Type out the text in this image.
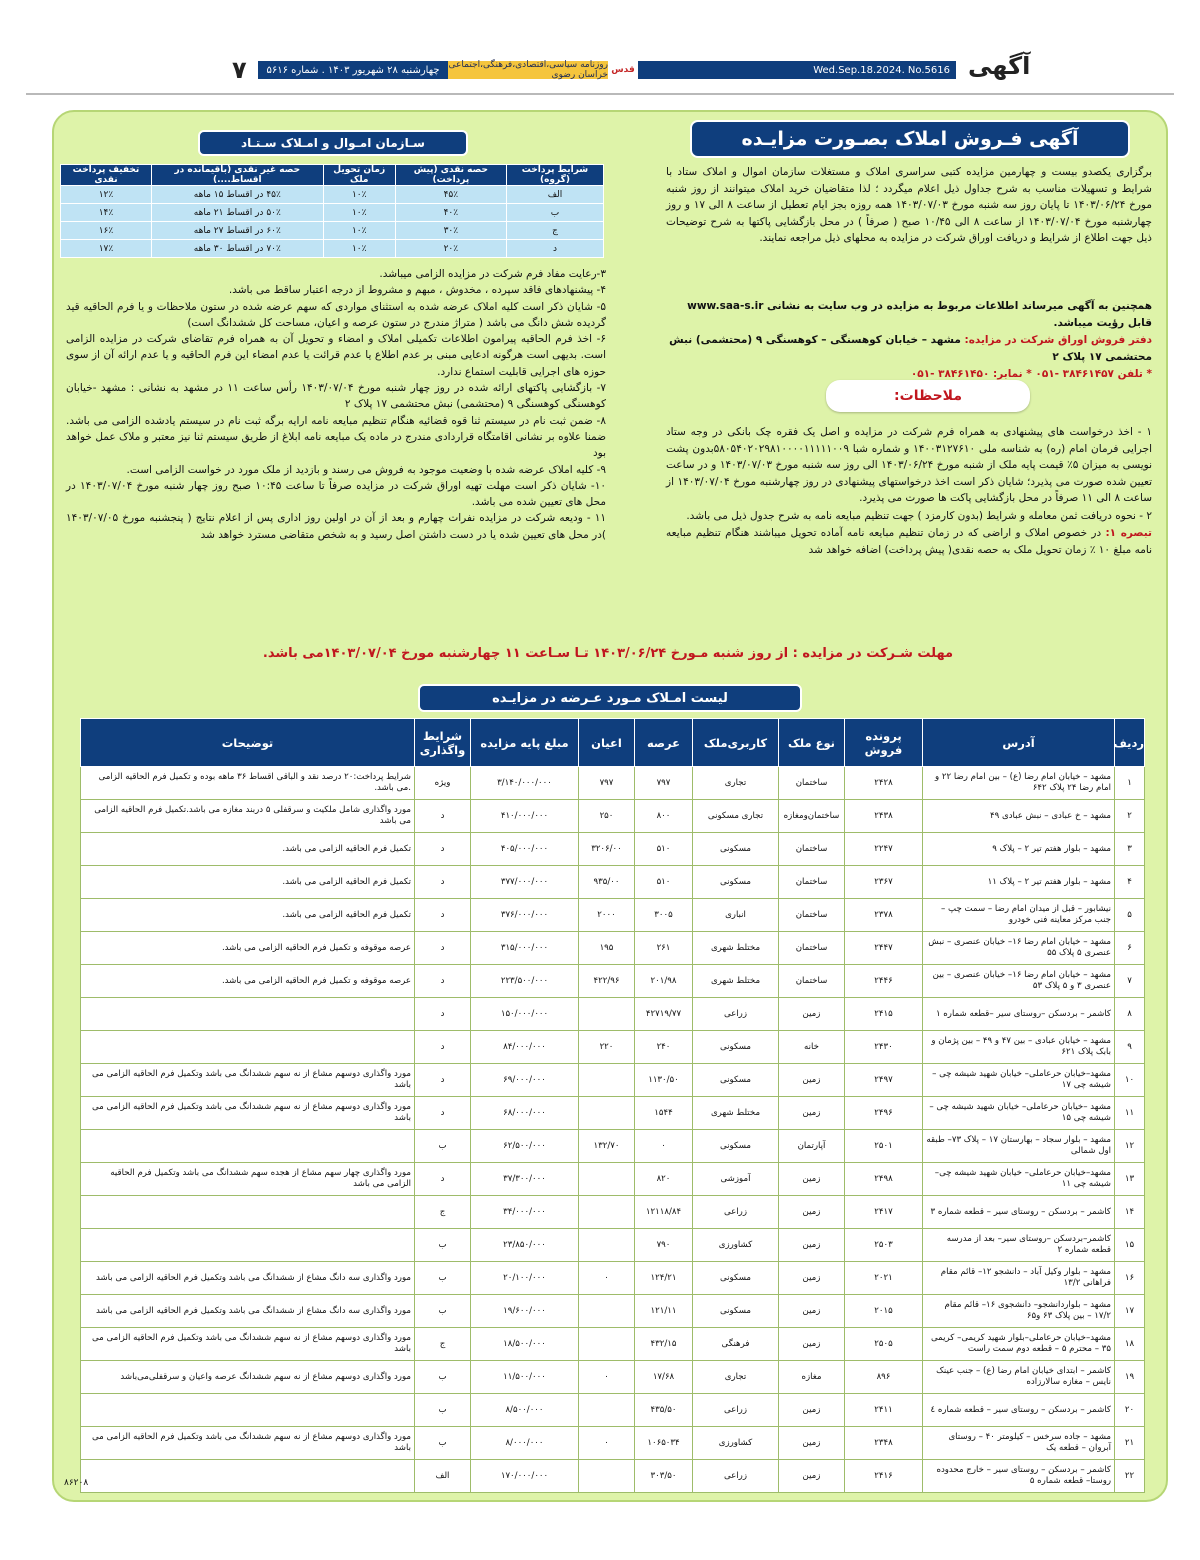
۷	چهارشنبه ۲۸ شهریور ۱۴۰۳ . شماره ۵۶۱۶	روزنامه سیاسی،اقتصادی،فرهنگی،اجتماعی خراسان رضوی قدس	Wed.Sep.18.2024. No.5616 آگهی
آگهی فـروش املاک بصـورت مزایـده
برگزاری یکصدو بیست و چهارمین مزایده کتبی سراسری املاک و مستغلات سازمان اموال و املاک ستاد با شرایط و تسهیلات مناسب به شرح جداول ذیل اعلام میگردد ؛ لذا متقاضیان خرید املاک میتوانند از روز شنبه مورخ ۱۴۰۳/۰۶/۲۴ تا پایان روز سه شنبه مورخ ۱۴۰۳/۰۷/۰۳ همه روزه بجز ایام تعطیل از ساعت ۸ الی ۱۷ و روز چهارشنبه مورخ ۱۴۰۳/۰۷/۰۴ از ساعت ۸ الی ۱۰/۴۵ صبح ( صرفاً ) در محل بازگشایی پاکتها به شرح توضیحات ذیل جهت اطلاع از شرایط و دریافت اوراق شرکت در مزایده به محلهای ذیل مراجعه نمایند.
همچنین به آگهی میرساند اطلاعات مربوط به مزایده در وب سایت به نشانی www.saa-s.ir قابل رؤیت میباشد.
دفتر فروش اوراق شرکت در مزایده: مشهد – خیابان کوهسنگی – کوهسنگی ۹ (محتشمی) نبش محتشمی ۱۷ پلاک ۲
* تلفن ۳۸۴۶۱۴۵۷ -۰۵۱ * نمابر: ۳۸۴۶۱۴۵۰ -۰۵۱
ملاحظات:

۱ - اخذ درخواست های پیشنهادی به همراه فرم شرکت در مزایده و اصل یک فقره چک بانکی در وجه ستاد اجرایی فرمان امام (ره) به شناسه ملی ۱۴۰۰۳۱۲۷۶۱۰ و شماره شبا ۵۸۰۵۴۰۲۰۲۹۸۱۰۰۰۰۱۱۱۱۱۰۰۹بدون پشت نویسی به میزان ۵٪ قیمت پایه ملک از شنبه مورخ ۱۴۰۳/۰۶/۲۴ الی روز سه شنبه مورخ ۱۴۰۳/۰۷/۰۳ و در ساعت تعیین شده صورت می پذیرد؛ شایان ذکر است اخذ درخواستهای پیشنهادی در روز چهارشنبه مورخ ۱۴۰۳/۰۷/۰۴ از ساعت ۸ الی ۱۱ صرفاً در محل بازگشایی پاکت ها صورت می پذیرد.

۲ - نحوه دریافت ثمن معامله و شرایط (بدون کارمزد ) جهت تنظیم مبایعه نامه به شرح جدول ذیل می باشد.

تبصره ۱: در خصوص املاک و اراضی که در زمان تنظیم مبایعه نامه آماده تحویل میباشند هنگام تنظیم مبایعه نامه مبلغ ۱۰ ٪ زمان تحویل ملک به حصه نقدی( پیش پرداخت) اضافه خواهد شد

سـازمان امـوال و امـلاک سـتـاد
شرایط پرداخت (گروه)	حصه نقدی (پیش پرداخت)	زمان تحویل ملک	حصه غیر نقدی (باقیمانده در اقساط....)	تخفیف پرداخت نقدی
الف	۴۵٪	۱۰٪	۴۵٪ در اقساط ۱۵ ماهه	۱۲٪
ب	۴۰٪	۱۰٪	۵۰٪ در اقساط ۲۱ ماهه	۱۴٪
ج	۳۰٪	۱۰٪	۶۰٪ در اقساط ۲۷ ماهه	۱۶٪
د	۲۰٪	۱۰٪	۷۰٪ در اقساط ۳۰ ماهه	۱۷٪

۳-رعایت مفاد فرم شرکت در مزایده الزامی میباشد.

۴- پیشنهادهای فاقد سپرده ، مخدوش ، مبهم و مشروط از درجه اعتبار ساقط می باشد.

۵- شایان ذکر است کلیه املاک عرضه شده به استثنای مواردی که سهم عرضه شده در ستون ملاحظات و یا فرم الحاقیه قید گردیده شش دانگ می باشد ( متراژ مندرج در ستون عرصه و اعیان، مساحت کل ششدانگ است)

۶- اخذ فرم الحاقیه پیرامون اطلاعات تکمیلی املاک و امضاء و تحویل آن به همراه فرم تقاضای شرکت در مزایده الزامی است. بدیهی است هرگونه ادعایی مبنی بر عدم اطلاع یا عدم قرائت یا عدم امضاء این فرم الحاقیه و یا عدم ارائه آن از سوی حوزه های اجرایی قابلیت استماع ندارد.

۷- بازگشایی پاکتهای ارائه شده در روز چهار شنبه مورخ ۱۴۰۳/۰۷/۰۴ رأس ساعت ۱۱ در مشهد به نشانی : مشهد -خیابان کوهسنگی کوهسنگی ۹ (محتشمی) نبش محتشمی ۱۷ پلاک ۲

۸- ضمن ثبت نام در سیستم ثنا قوه قضائیه هنگام تنظیم مبایعه نامه ارایه برگه ثبت نام در سیستم یادشده الزامی می باشد. ضمنا علاوه بر نشانی اقامتگاه قراردادی مندرج در ماده یک مبایعه نامه ابلاغ از طریق سیستم ثنا نیز معتبر و ملاک عمل خواهد بود

۹- کلیه املاک عرضه شده با وضعیت موجود به فروش می رسند و بازدید از ملک مورد در خواست الزامی است.

۱۰- شایان ذکر است مهلت تهیه اوراق شرکت در مزایده صرفاً تا ساعت ۱۰:۴۵ صبح روز چهار شنبه مورخ ۱۴۰۳/۰۷/۰۴ در محل های تعیین شده می باشد.

۱۱ - ودیعه شرکت در مزایده نفرات چهارم و بعد از آن در اولین روز اداری پس از اعلام نتایج ( پنجشنبه مورخ ۱۴۰۳/۰۷/۰۵ )در محل های تعیین شده یا در دست داشتن اصل رسید و به شخص متقاضی مسترد خواهد شد

مهلت شـرکت در مزایده : از روز شنبه مـورخ ۱۴۰۳/۰۶/۲۴ تـا سـاعت ۱۱ چهارشنبه مورخ ۱۴۰۳/۰۷/۰۴می باشد.
لیست امـلاک مـورد عـرضه در مزایـده
ردیف	آدرس	پرونده فروش	نوع ملک	کاربری‌ملک	عرصه	اعیان	مبلغ پایه مزایده	شرایط واگذاری	توضیحات
۱	مشهد – خیابان امام رضا (ع) – بین امام رضا ۲۲ و امام رضا ۲۴ پلاک ۶۴۲	۲۴۲۸	ساختمان	تجاری	۷۹۷	۷۹۷	۳/۱۴۰/۰۰۰/۰۰۰	ویژه	شرایط پرداخت:۲۰ درصد نقد و الباقی اقساط ۳۶ ماهه بوده و تکمیل فرم الحاقیه الزامی .می باشد.
۲	مشهد – خ عبادی – نبش عبادی ۴۹	۲۴۳۸	ساختمان‌ومغازه	تجاری مسکونی	۸۰۰	۲۵۰	۴۱۰/۰۰۰/۰۰۰	د	مورد واگذاری شامل ملکیت و سرقفلی ۵ دربند مغازه می باشد.تکمیل فرم الحاقیه الزامی می باشد
۳	مشهد – بلوار هفتم تیر ۲ – پلاک ۹	۲۲۴۷	ساختمان	مسکونی	۵۱۰	۳۲۰۶/۰۰	۴۰۵/۰۰۰/۰۰۰	د	تکمیل فرم الحاقیه الزامی می باشد.
۴	مشهد – بلوار هفتم تیر ۲ – پلاک ۱۱	۲۳۶۷	ساختمان	مسکونی	۵۱۰	۹۳۵/۰۰	۳۷۷/۰۰۰/۰۰۰	د	تکمیل فرم الحاقیه الزامی می باشد.
۵	نیشابور – قبل از میدان امام رضا – سمت چپ – جنب مرکز معاینه فنی خودرو	۲۳۷۸	ساختمان	انباری	۳۰۰۵	۲۰۰۰	۳۷۶/۰۰۰/۰۰۰	د	تکمیل فرم الحاقیه الزامی می باشد.
۶	مشهد – خیابان امام رضا ۱۶– خیابان عنصری – نبش عنصری ۵ پلاک ۵۵	۲۴۴۷	ساختمان	مختلط شهری	۲۶۱	۱۹۵	۳۱۵/۰۰۰/۰۰۰	د	عرصه موقوفه و تکمیل فرم الحاقیه الزامی می باشد.
۷	مشهد – خیابان امام رضا ۱۶– خیابان عنصری – بین عنصری ۳ و ۵ پلاک ۵۳	۲۴۴۶	ساختمان	مختلط شهری	۲۰۱/۹۸	۴۲۲/۹۶	۲۲۳/۵۰۰/۰۰۰	د	عرصه موقوفه و تکمیل فرم الحاقیه الزامی می باشد.
۸	کاشمر – بردسکن –روستای سیر –قطعه شماره ۱	۲۴۱۵	زمین	زراعی	۴۲۷۱۹/۷۷		۱۵۰/۰۰۰/۰۰۰	د	
۹	مشهد – خیابان عبادی – بین ۴۷ و ۴۹ – بین پژمان و بابک پلاک ۶۲۱	۲۴۳۰	خانه	مسکونی	۲۴۰	۲۲۰	۸۴/۰۰۰/۰۰۰	د	
۱۰	مشهد–خیابان حرعاملی– خیابان شهید شیشه چی –شیشه چی ۱۷	۲۴۹۷	زمین	مسکونی	۱۱۳۰/۵۰		۶۹/۰۰۰/۰۰۰	د	مورد واگذاری دوسهم مشاع از نه سهم ششدانگ می باشد وتکمیل فرم الحاقیه الزامی می باشد
۱۱	مشهد –خیابان حرعاملی– خیابان شهید شیشه چی – شیشه چی ۱۵	۲۴۹۶	زمین	مختلط شهری	۱۵۴۴		۶۸/۰۰۰/۰۰۰	د	مورد واگذاری دوسهم مشاع از نه سهم ششدانگ می باشد وتکمیل فرم الحاقیه الزامی می باشد
۱۲	مشهد – بلوار سجاد – بهارستان ۱۷ – پلاک ۷۳– طبقه اول شمالی	۲۵۰۱	آپارتمان	مسکونی	۰	۱۳۲/۷۰	۶۲/۵۰۰/۰۰۰	ب	
۱۳	مشهد–خیابان حرعاملی– خیابان شهید شیشه چی– شیشه چی ۱۱	۲۴۹۸	زمین	آموزشی	۸۲۰		۳۷/۳۰۰/۰۰۰	د	مورد واگذاری چهار سهم مشاع از هجده سهم ششدانگ می باشد وتکمیل فرم الحاقیه الزامی می باشد
۱۴	کاشمر – بردسکن – روستای سیر – قطعه شماره ۳	۲۴۱۷	زمین	زراعی	۱۲۱۱۸/۸۴		۳۴/۰۰۰/۰۰۰	ج	
۱۵	کاشمر–بردسکن –روستای سیر– بعد از مدرسه قطعه شماره ۲	۲۵۰۳	زمین	کشاورزی	۷۹۰		۲۳/۸۵۰/۰۰۰	ب	
۱۶	مشهد – بلوار وکیل آباد – دانشجو ۱۲– قائم مقام فراهانی ۱۳/۲	۲۰۲۱	زمین	مسکونی	۱۲۴/۲۱	۰	۲۰/۱۰۰/۰۰۰	ب	مورد واگذاری سه دانگ مشاع از ششدانگ می باشد وتکمیل فرم الحاقیه الزامی می باشد
۱۷	مشهد – بلواردانشجو– دانشجوی ۱۶– قائم مقام ۱۷/۲ – بین پلاک ۶۳ و۶۵	۲۰۱۵	زمین	مسکونی	۱۲۱/۱۱		۱۹/۶۰۰/۰۰۰	ب	مورد واگذاری سه دانگ مشاع از ششدانگ می باشد وتکمیل فرم الحاقیه الزامی می باشد
۱۸	مشهد–خیابان حرعاملی–بلوار شهید کریمی– کریمی ۳۵ – محترم ۵ – قطعه دوم سمت راست	۲۵۰۵	زمین	فرهنگی	۴۳۲/۱۵		۱۸/۵۰۰/۰۰۰	ج	مورد واگذاری دوسهم مشاع از نه سهم ششدانگ می باشد وتکمیل فرم الحاقیه الزامی می باشد
۱۹	کاشمر – ابتدای خیابان امام رضا (ع) – جنب عینک نایس – مغازه سالارزاده	۸۹۶	مغازه	تجاری	۱۷/۶۸	۰	۱۱/۵۰۰/۰۰۰	ب	مورد واگذاری دوسهم مشاع از نه سهم ششدانگ عرصه واعیان و سرقفلی‌می‌باشد
۲۰	کاشمر – بردسکن – روستای سیر – قطعه شماره ٤	۲۴۱۱	زمین	زراعی	۴۳۵/۵۰		۸/۵۰۰/۰۰۰	ب	
۲۱	مشهد – جاده سرخس – کیلومتر ۴۰ – روستای آبروان – قطعه یک	۲۳۴۸	زمین	کشاورزی	۱۰۶۵۰۳۴	۰	۸/۰۰۰/۰۰۰	ب	مورد واگذاری دوسهم مشاع از نه سهم ششدانگ می باشد وتکمیل فرم الحاقیه الزامی می باشد
۲۲	کاشمر – بردسکن – روستای سیر – خارج محدوده روستا– قطعه شماره ۵	۲۴۱۶	زمین	زراعی	۳۰۳/۵۰		۱۷۰/۰۰۰/۰۰۰	الف	
۸۶۲۰۸
